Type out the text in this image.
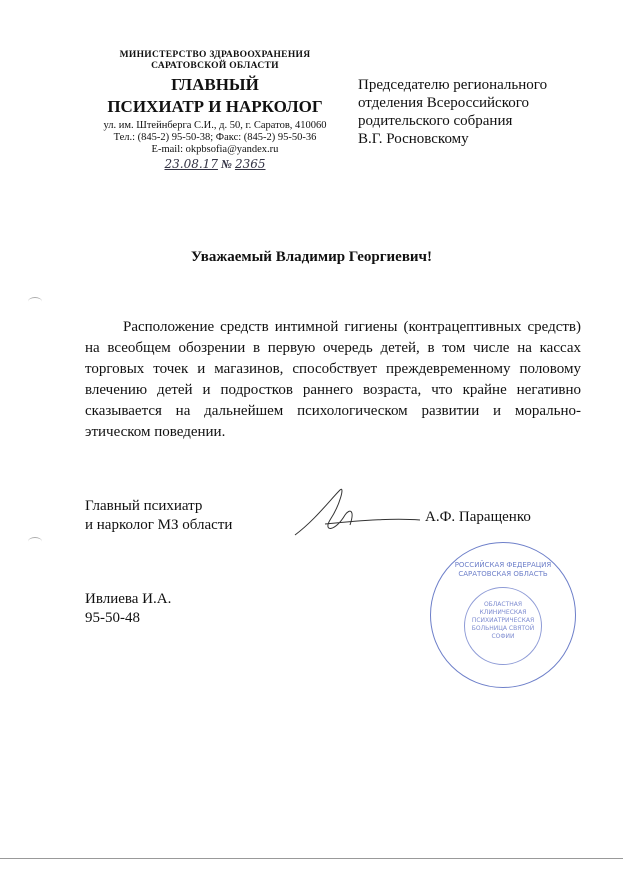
МИНИСТЕРСТВО ЗДРАВООХРАНЕНИЯ
САРАТОВСКОЙ ОБЛАСТИ
ГЛАВНЫЙ
ПСИХИАТР И НАРКОЛОГ
ул. им. Штейнберга С.И., д. 50, г. Саратов, 410060
Тел.: (845-2) 95-50-38; Факс: (845-2) 95-50-36
E-mail: okpbsofia@yandex.ru
23.08.17 № 2365
Председателю регионального
отделения Всероссийского
родительского собрания
В.Г. Росновскому
Уважаемый Владимир Георгиевич!
Расположение средств интимной гигиены (контрацептивных средств) на всеобщем обозрении в первую очередь детей, в том числе на кассах торговых точек и магазинов, способствует преждевременному половому влечению детей и подростков раннего возраста, что крайне негативно сказывается на дальнейшем психологическом развитии и морально-этическом поведении.
Главный психиатр
и нарколог МЗ области
РОССИЙСКАЯ ФЕДЕРАЦИЯ САРАТОВСКАЯ ОБЛАСТЬ
ОБЛАСТНАЯ КЛИНИЧЕСКАЯ ПСИХИАТРИЧЕСКАЯ БОЛЬНИЦА СВЯТОЙ СОФИИ
А.Ф. Паращенко
Ивлиева И.А.
95-50-48
